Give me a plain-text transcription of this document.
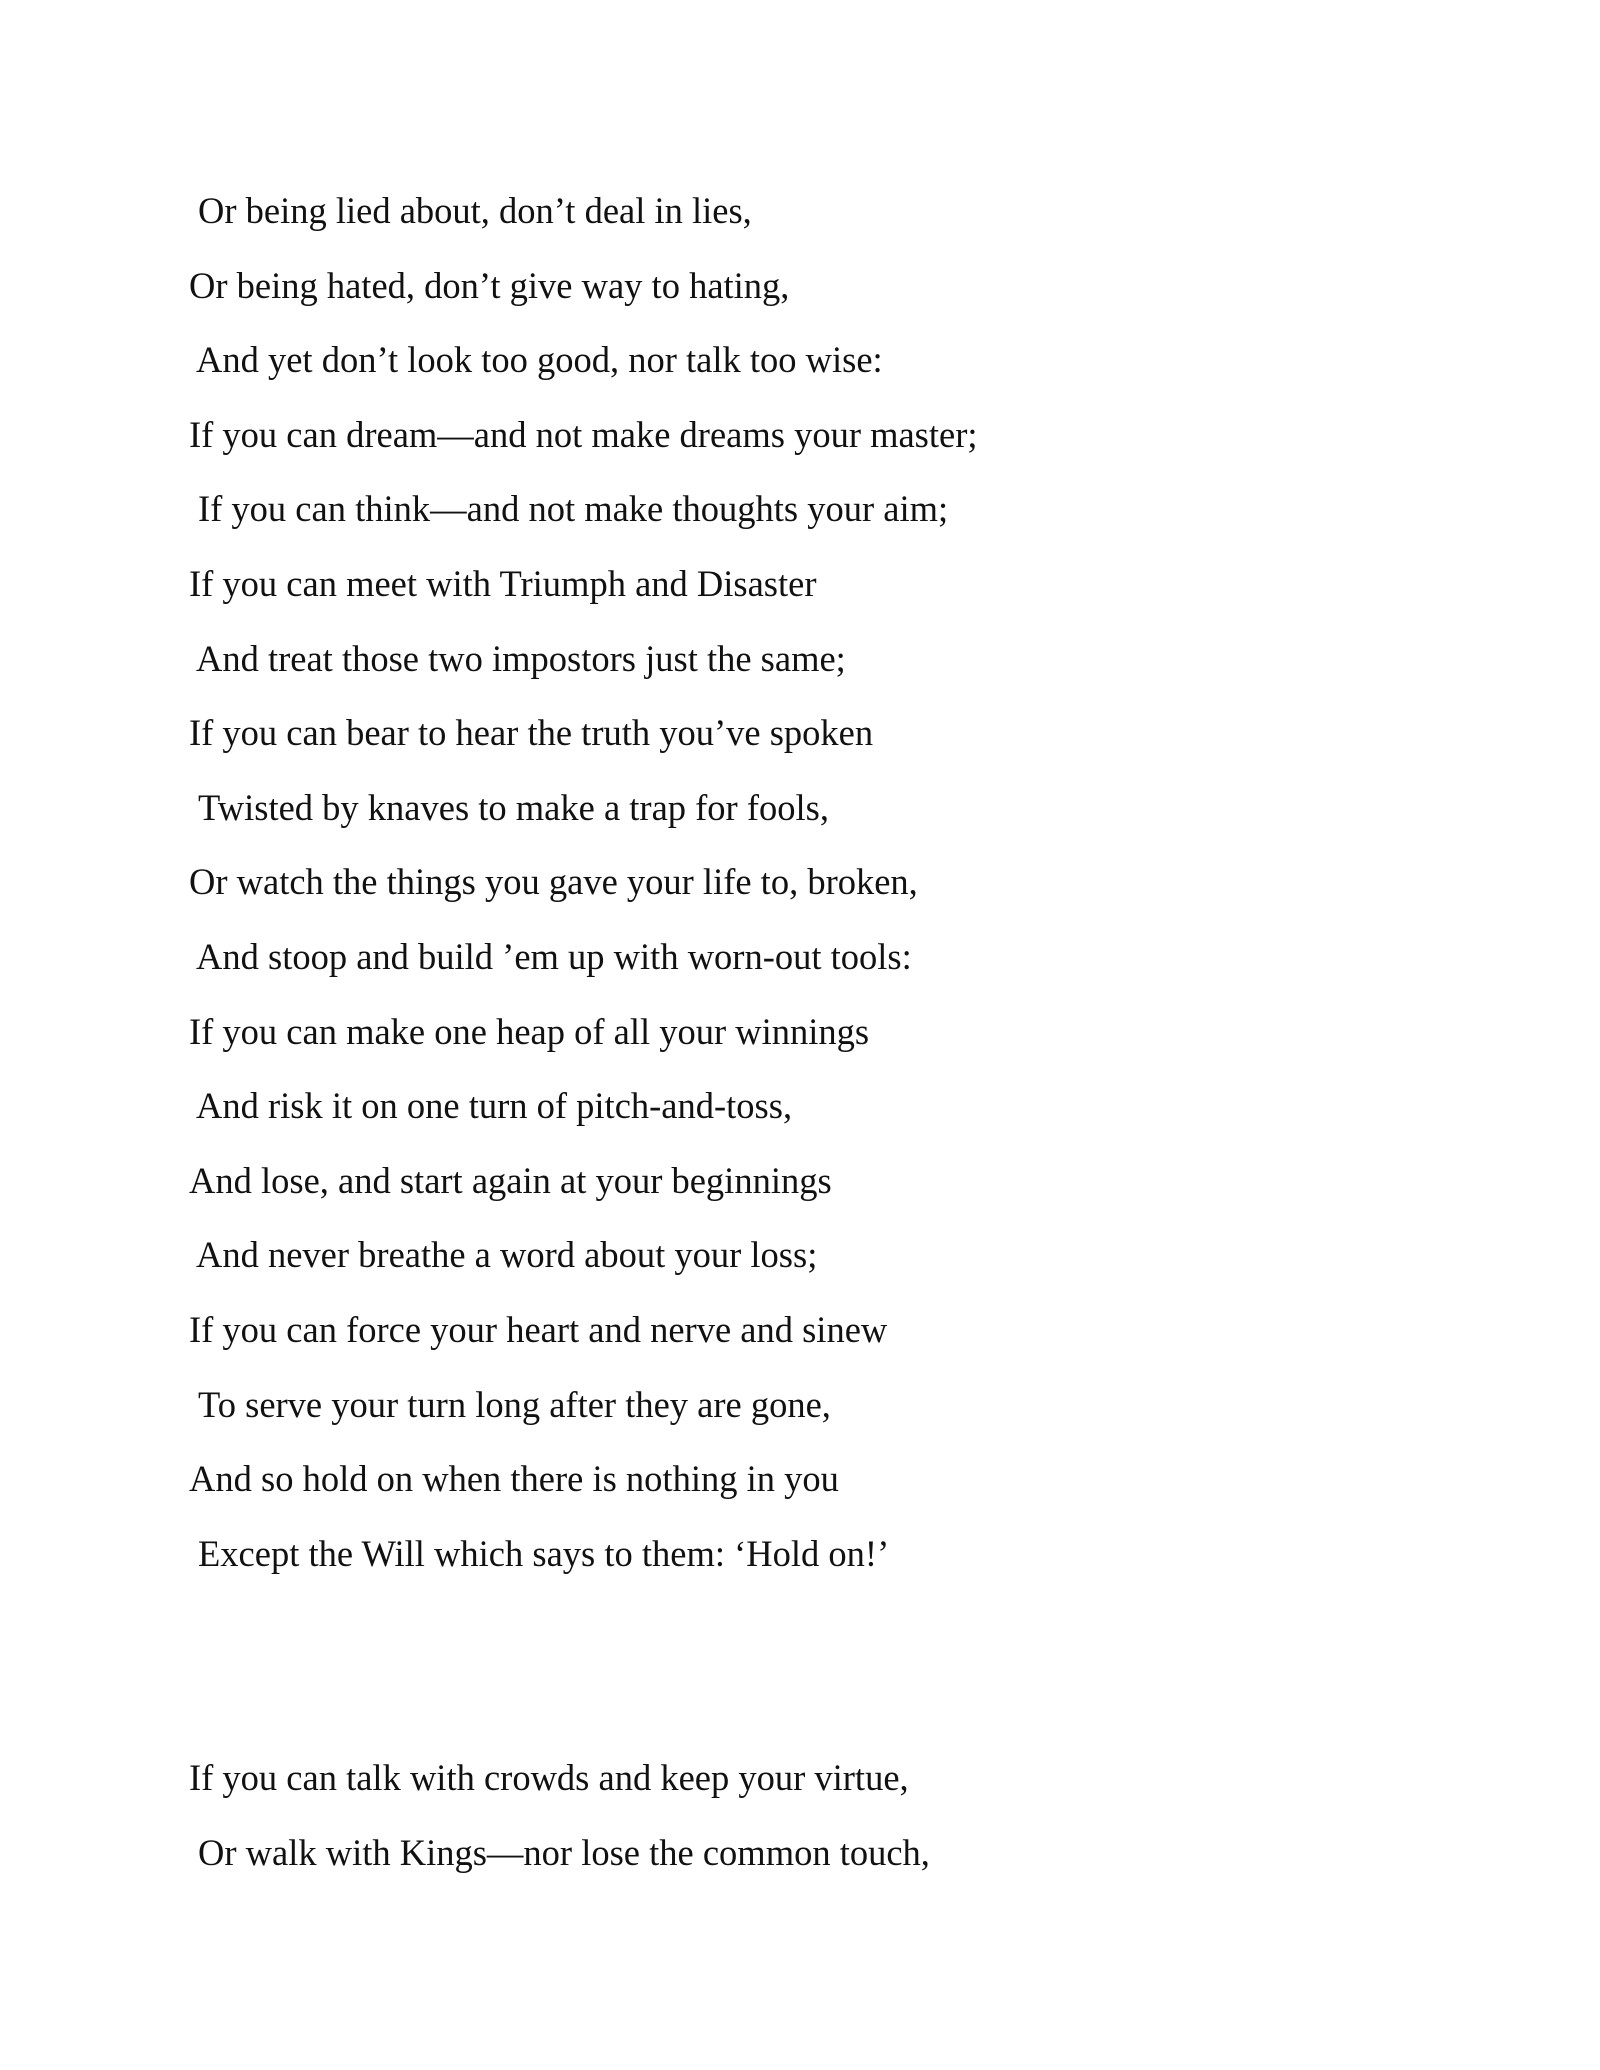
Or being lied about, don’t deal in lies,
Or being hated, don’t give way to hating,
And yet don’t look too good, nor talk too wise:
If you can dream—and not make dreams your master;
If you can think—and not make thoughts your aim;
If you can meet with Triumph and Disaster
And treat those two impostors just the same;
If you can bear to hear the truth you’ve spoken
Twisted by knaves to make a trap for fools,
Or watch the things you gave your life to, broken,
And stoop and build ’em up with worn-out tools:
If you can make one heap of all your winnings
And risk it on one turn of pitch-and-toss,
And lose, and start again at your beginnings
And never breathe a word about your loss;
If you can force your heart and nerve and sinew
To serve your turn long after they are gone,
And so hold on when there is nothing in you
Except the Will which says to them: ‘Hold on!’
If you can talk with crowds and keep your virtue,
Or walk with Kings—nor lose the common touch,
